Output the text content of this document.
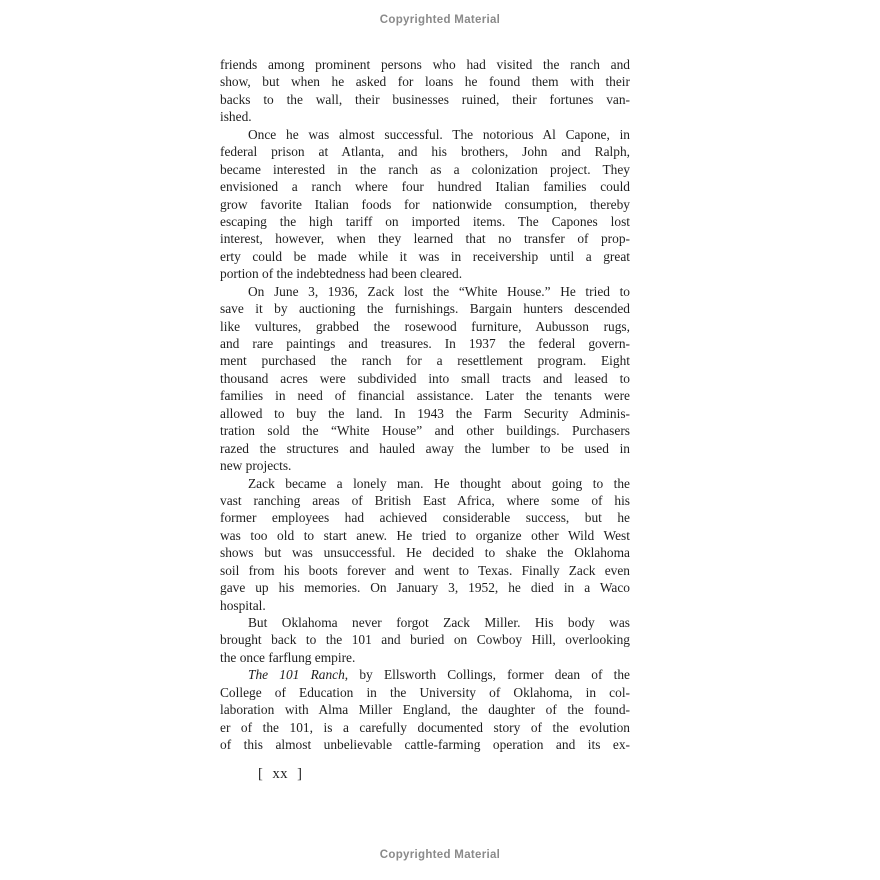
Copyrighted Material
friends among prominent persons who had visited the ranch and
show, but when he asked for loans he found them with their
backs to the wall, their businesses ruined, their fortunes van-
ished.
Once he was almost successful. The notorious Al Capone, in
federal prison at Atlanta, and his brothers, John and Ralph,
became interested in the ranch as a colonization project. They
envisioned a ranch where four hundred Italian families could
grow favorite Italian foods for nationwide consumption, thereby
escaping the high tariff on imported items. The Capones lost
interest, however, when they learned that no transfer of prop-
erty could be made while it was in receivership until a great
portion of the indebtedness had been cleared.
On June 3, 1936, Zack lost the “White House.” He tried to
save it by auctioning the furnishings. Bargain hunters descended
like vultures, grabbed the rosewood furniture, Aubusson rugs,
and rare paintings and treasures. In 1937 the federal govern-
ment purchased the ranch for a resettlement program. Eight
thousand acres were subdivided into small tracts and leased to
families in need of financial assistance. Later the tenants were
allowed to buy the land. In 1943 the Farm Security Adminis-
tration sold the “White House” and other buildings. Purchasers
razed the structures and hauled away the lumber to be used in
new projects.
Zack became a lonely man. He thought about going to the
vast ranching areas of British East Africa, where some of his
former employees had achieved considerable success, but he
was too old to start anew. He tried to organize other Wild West
shows but was unsuccessful. He decided to shake the Oklahoma
soil from his boots forever and went to Texas. Finally Zack even
gave up his memories. On January 3, 1952, he died in a Waco
hospital.
But Oklahoma never forgot Zack Miller. His body was
brought back to the 101 and buried on Cowboy Hill, overlooking
the once farflung empire.
The 101 Ranch, by Ellsworth Collings, former dean of the
College of Education in the University of Oklahoma, in col-
laboration with Alma Miller England, the daughter of the found-
er of the 101, is a carefully documented story of the evolution
of this almost unbelievable cattle-farming operation and its ex-
[ xx ]
Copyrighted Material
